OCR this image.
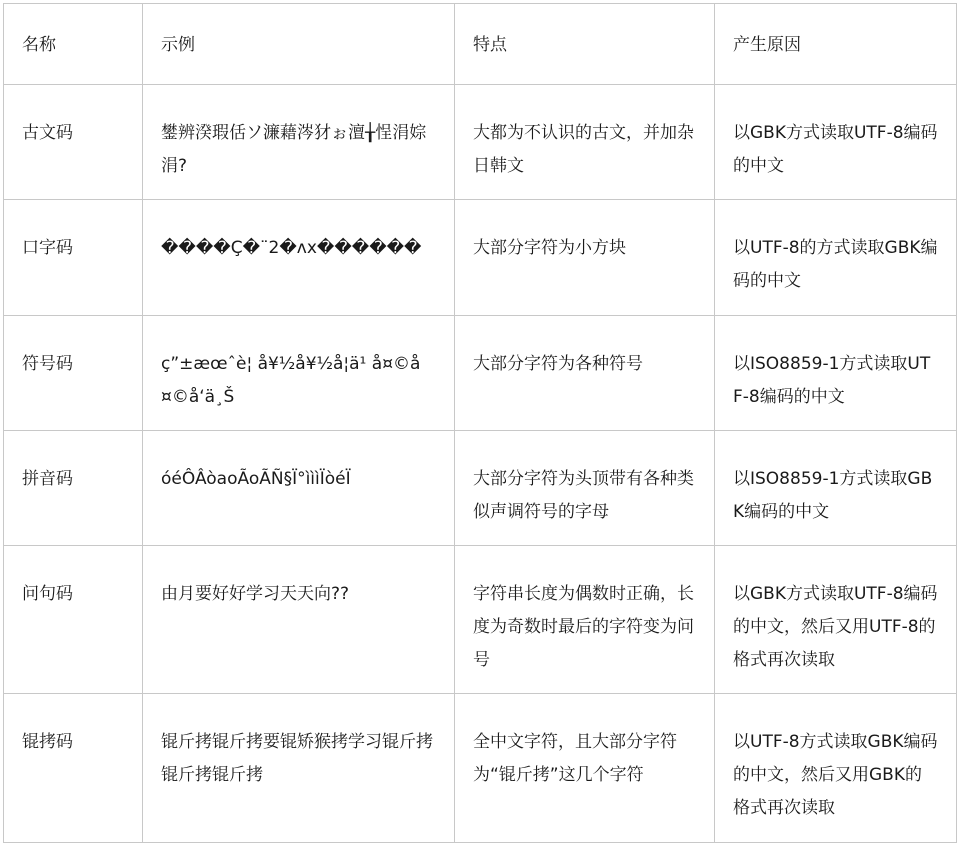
名称	示例	特点	产生原因
古文码	鐢辨湀瑕佸ソ濂藉涔犲ぉ澶╁悜涓婃涓?	大都为不认识的古文，并加杂日韩文	以GBK方式读取UTF-8编码的中文
口字码	����Ç�¨2�ʌx������	大部分字符为小方块	以UTF-8的方式读取GBK编码的中文
符号码	ç”±æœˆè¦ å¥½å¥½å¦ä¹ å¤©å¤©å‘ä¸Š	大部分字符为各种符号	以ISO8859-1方式读取UTF-8编码的中文
拼音码	óéÔÂòaoÃoÃÑ§Ï°ìììÏòéÏ	大部分字符为头顶带有各种类似声调符号的字母	以ISO8859-1方式读取GBK编码的中文
问句码	由月要好好学习天天向??	字符串长度为偶数时正确，长度为奇数时最后的字符变为问号	以GBK方式读取UTF-8编码的中文，然后又用UTF-8的格式再次读取
锟拷码	锟斤拷锟斤拷要锟矫猴拷学习锟斤拷锟斤拷锟斤拷	全中文字符，且大部分字符为“锟斤拷”这几个字符	以UTF-8方式读取GBK编码的中文，然后又用GBK的格式再次读取
